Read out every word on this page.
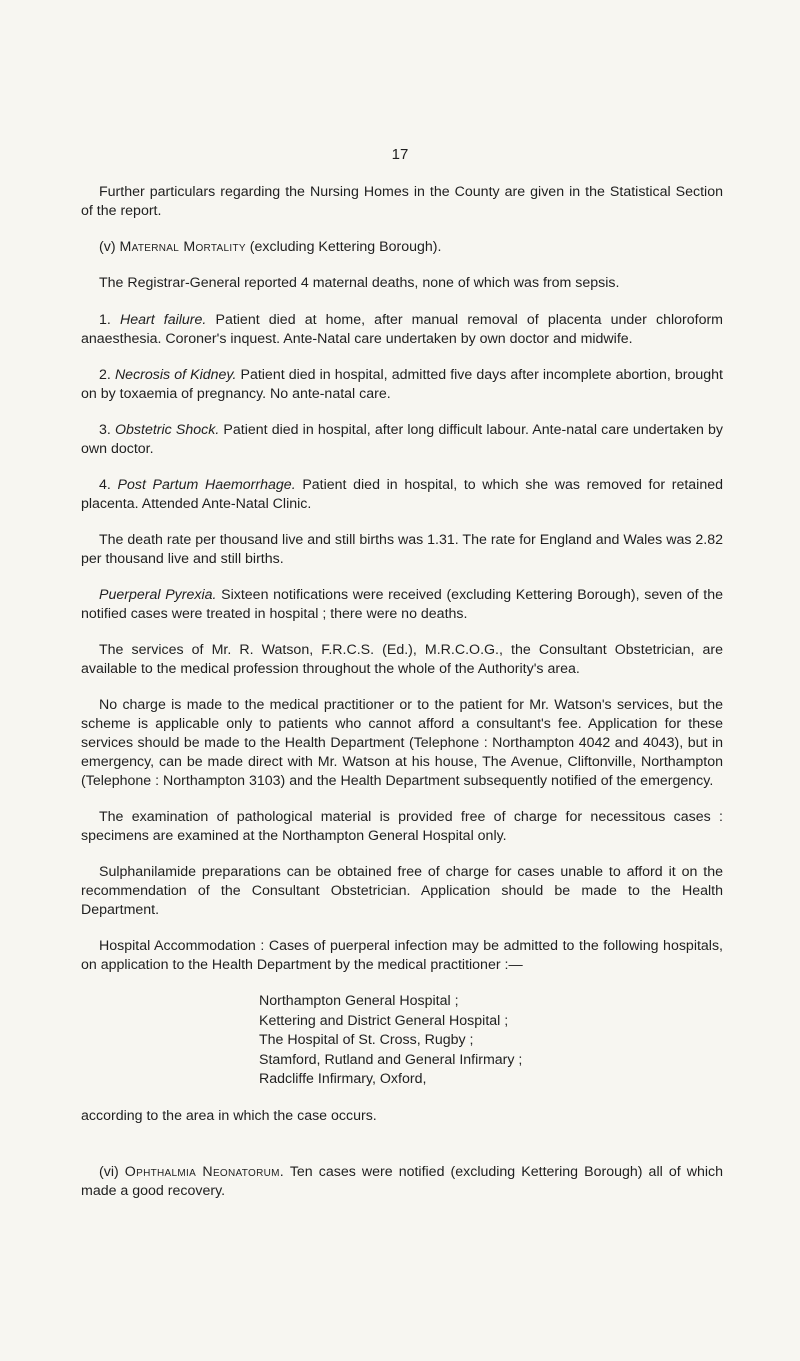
17

Further particulars regarding the Nursing Homes in the County are given in the Statistical Section of the report.

(v) Maternal Mortality (excluding Kettering Borough).

The Registrar-General reported 4 maternal deaths, none of which was from sepsis.

1. Heart failure. Patient died at home, after manual removal of placenta under chloroform anaesthesia. Coroner's inquest. Ante-Natal care undertaken by own doctor and midwife.

2. Necrosis of Kidney. Patient died in hospital, admitted five days after incomplete abortion, brought on by toxaemia of pregnancy. No ante-natal care.

3. Obstetric Shock. Patient died in hospital, after long difficult labour. Ante-natal care undertaken by own doctor.

4. Post Partum Haemorrhage. Patient died in hospital, to which she was removed for retained placenta. Attended Ante-Natal Clinic.

The death rate per thousand live and still births was 1.31. The rate for England and Wales was 2.82 per thousand live and still births.

Puerperal Pyrexia. Sixteen notifications were received (excluding Kettering Borough), seven of the notified cases were treated in hospital ; there were no deaths.

The services of Mr. R. Watson, F.R.C.S. (Ed.), M.R.C.O.G., the Consultant Obstetrician, are available to the medical profession throughout the whole of the Authority's area.

No charge is made to the medical practitioner or to the patient for Mr. Watson's services, but the scheme is applicable only to patients who cannot afford a consultant's fee. Application for these services should be made to the Health Department (Telephone : Northampton 4042 and 4043), but in emergency, can be made direct with Mr. Watson at his house, The Avenue, Cliftonville, Northampton (Telephone : Northampton 3103) and the Health Department subsequently notified of the emergency.

The examination of pathological material is provided free of charge for necessitous cases : specimens are examined at the Northampton General Hospital only.

Sulphanilamide preparations can be obtained free of charge for cases unable to afford it on the recommendation of the Consultant Obstetrician. Application should be made to the Health Department.

Hospital Accommodation : Cases of puerperal infection may be admitted to the following hospitals, on application to the Health Department by the medical practitioner :—

Northampton General Hospital ;
Kettering and District General Hospital ;
The Hospital of St. Cross, Rugby ;
Stamford, Rutland and General Infirmary ;
Radcliffe Infirmary, Oxford,

according to the area in which the case occurs.

(vi) Ophthalmia Neonatorum. Ten cases were notified (excluding Kettering Borough) all of which made a good recovery.
